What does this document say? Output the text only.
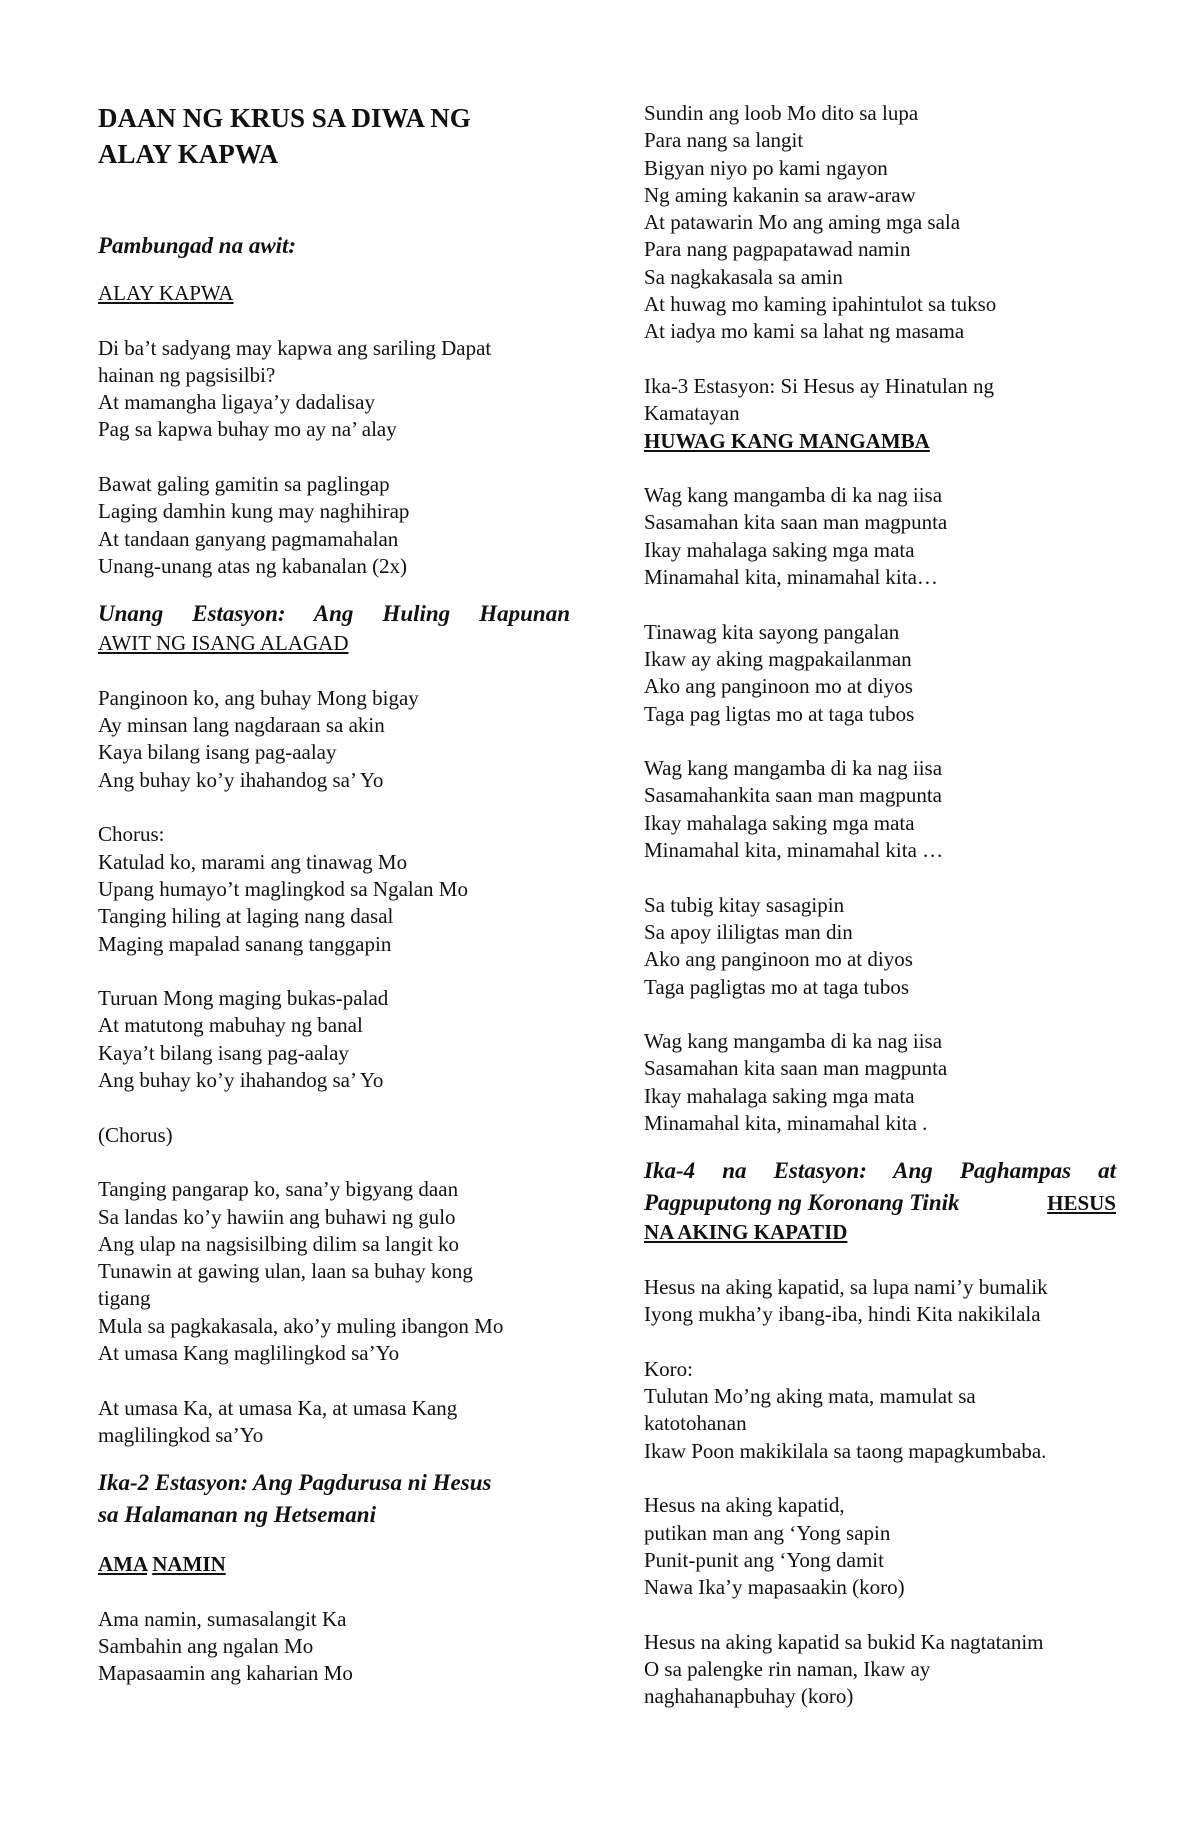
DAAN NG KRUS SA DIWA NG
ALAY KAPWA
Pambungad na awit:
ALAY KAPWA
Di ba’t sadyang may kapwa ang sariling Dapat
hainan ng pagsisilbi?
At mamangha ligaya’y dadalisay
Pag sa kapwa buhay mo ay na’ alay
Bawat galing gamitin sa paglingap
Laging damhin kung may naghihirap
At tandaan ganyang pagmamahalan
Unang-unang atas ng kabanalan (2x)
Unang Estasyon: Ang Huling Hapunan
AWIT NG ISANG ALAGAD
Panginoon ko, ang buhay Mong bigay
Ay minsan lang nagdaraan sa akin
Kaya bilang isang pag-aalay
Ang buhay ko’y ihahandog sa’ Yo
Chorus:
Katulad ko, marami ang tinawag Mo
Upang humayo’t maglingkod sa Ngalan Mo
Tanging hiling at laging nang dasal
Maging mapalad sanang tanggapin
Turuan Mong maging bukas-palad
At matutong mabuhay ng banal
Kaya’t bilang isang pag-aalay
Ang buhay ko’y ihahandog sa’ Yo
(Chorus)
Tanging pangarap ko, sana’y bigyang daan
Sa landas ko’y hawiin ang buhawi ng gulo
Ang ulap na nagsisilbing dilim sa langit ko
Tunawin at gawing ulan, laan sa buhay kong
tigang
Mula sa pagkakasala, ako’y muling ibangon Mo
At umasa Kang maglilingkod sa’Yo
At umasa Ka, at umasa Ka, at umasa Kang
maglilingkod sa’Yo
Ika-2 Estasyon: Ang Pagdurusa ni Hesus
sa Halamanan ng Hetsemani
AMA NAMIN
Ama namin, sumasalangit Ka
Sambahin ang ngalan Mo
Mapasaamin ang kaharian Mo
Sundin ang loob Mo dito sa lupa
Para nang sa langit
Bigyan niyo po kami ngayon
Ng aming kakanin sa araw-araw
At patawarin Mo ang aming mga sala
Para nang pagpapatawad namin
Sa nagkakasala sa amin
At huwag mo kaming ipahintulot sa tukso
At iadya mo kami sa lahat ng masama
Ika-3 Estasyon: Si Hesus ay Hinatulan ng
Kamatayan
HUWAG KANG MANGAMBA
Wag kang mangamba di ka nag iisa
Sasamahan kita saan man magpunta
Ikay mahalaga saking mga mata
Minamahal kita, minamahal kita…
Tinawag kita sayong pangalan
Ikaw ay aking magpakailanman
Ako ang panginoon mo at diyos
Taga pag ligtas mo at taga tubos
Wag kang mangamba di ka nag iisa
Sasamahankita saan man magpunta
Ikay mahalaga saking mga mata
Minamahal kita, minamahal kita …
Sa tubig kitay sasagipin
Sa apoy ililigtas man din
Ako ang panginoon mo at diyos
Taga pagligtas mo at taga tubos
Wag kang mangamba di ka nag iisa
Sasamahan kita saan man magpunta
Ikay mahalaga saking mga mata
Minamahal kita, minamahal kita .
Ika-4 na Estasyon: Ang Paghampas at
Pagpuputong ng Koronang Tinik	HESUS
NA AKING KAPATID
Hesus na aking kapatid, sa lupa nami’y bumalik
Iyong mukha’y ibang-iba, hindi Kita nakikilala
Koro:
Tulutan Mo’ng aking mata, mamulat sa
katotohanan
Ikaw Poon makikilala sa taong mapagkumbaba.
Hesus na aking kapatid,
putikan man ang ‘Yong sapin
Punit-punit ang ‘Yong damit
Nawa Ika’y mapasaakin (koro)
Hesus na aking kapatid sa bukid Ka nagtatanim
O sa palengke rin naman, Ikaw ay
naghahanapbuhay (koro)
